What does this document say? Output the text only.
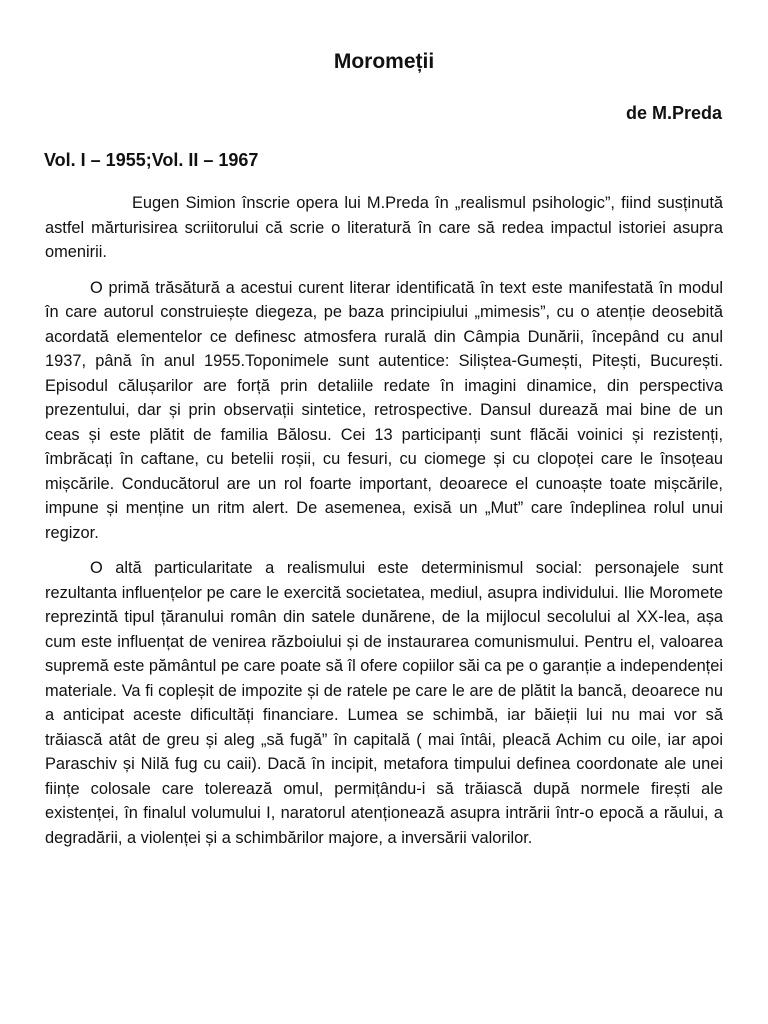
Moromeții
de M.Preda
Vol. I – 1955;Vol. II – 1967

Eugen Simion înscrie opera lui M.Preda în „realismul psihologic”, fiind susținută astfel mărturisirea scriitorului că scrie o literatură în care să redea impactul istoriei asupra omenirii.

O primă trăsătură a acestui curent literar identificată în text este manifestată în modul în care autorul construiește diegeza, pe baza principiului „mimesis”, cu o atenție deosebită acordată elementelor ce definesc atmosfera rurală din Câmpia Dunării, începând cu anul 1937, până în anul 1955.Toponimele sunt autentice: Siliștea-Gumești, Pitești, București. Episodul călușarilor are forță prin detaliile redate în imagini dinamice, din perspectiva prezentului, dar și prin observații sintetice, retrospective. Dansul durează mai bine de un ceas și este plătit de familia Bălosu. Cei 13 participanți sunt flăcăi voinici și rezistenți, îmbrăcați în caftane, cu betelii roșii, cu fesuri, cu ciomege și cu clopoței care le însoțeau mișcările. Conducătorul are un rol foarte important, deoarece el cunoaște toate mișcările, impune și menține un ritm alert. De asemenea, exisă un „Mut” care îndeplinea rolul unui regizor.

O altă particularitate a realismului este determinismul social: personajele sunt rezultanta influențelor pe care le exercită societatea, mediul, asupra individului. Ilie Moromete reprezintă tipul țăranului român din satele dunărene, de la mijlocul secolului al XX-lea, așa cum este influențat de venirea războiului și de instaurarea comunismului. Pentru el, valoarea supremă este pământul pe care poate să îl ofere copiilor săi ca pe o garanție a independenței materiale. Va fi copleșit de impozite și de ratele pe care le are de plătit la bancă, deoarece nu a anticipat aceste dificultăți financiare. Lumea se schimbă, iar băieții lui nu mai vor să trăiască atât de greu și aleg „să fugă” în capitală ( mai întâi, pleacă Achim cu oile, iar apoi Paraschiv și Nilă fug cu caii). Dacă în incipit, metafora timpului definea coordonate ale unei ființe colosale care tolerează omul, permițându-i să trăiască după normele firești ale existenței, în finalul volumului I, naratorul atenționează asupra intrării într-o epocă a răului, a degradării, a violenței și a schimbărilor majore, a inversării valorilor.
